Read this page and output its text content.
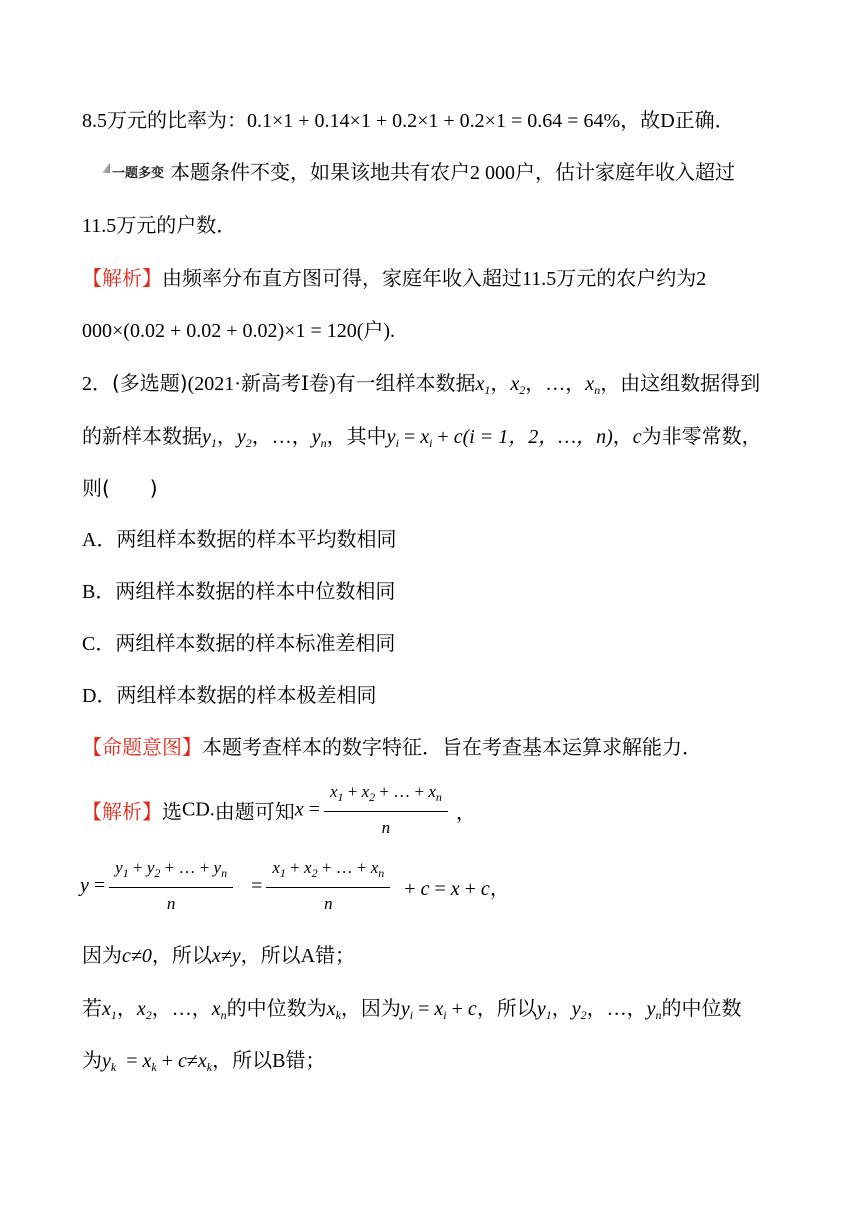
8.5万元的比率为：0.1×1 + 0.14×1 + 0.2×1 + 0.2×1 = 0.64 = 64%，故D正确．
一题多变 本题条件不变，如果该地共有农户2 000户，估计家庭年收入超过
11.5万元的户数．
【解析】由频率分布直方图可得，家庭年收入超过11.5万元的农户约为2
000×(0.02 + 0.02 + 0.02)×1 = 120(户).
2．(多选题)(2021·新高考Ⅰ卷)有一组样本数据$x_1$，$x_2$，…，$x_n$，由这组数据得到
的新样本数据$y_1$，$y_2$，…，$y_n$，其中$y_i = x_i + c(i = 1$，2，…，n)，c为非零常数，
则(　　)
A．两组样本数据的样本平均数相同
B．两组样本数据的样本中位数相同
C．两组样本数据的样本标准差相同
D．两组样本数据的样本极差相同
【命题意图】本题考查样本的数字特征．旨在考查基本运算求解能力．
【解析】选CD.由题可知$x = \frac{x_1 + x_2 + \dots + x_n}{n}$ ，
$y = \frac{y_1 + y_2 + \dots + y_n}{n} = \frac{x_1 + x_2 + \dots + x_n}{n} + c = x + c$，
因为c≠0，所以x≠y，所以A错；
若$x_1$，$x_2$，…，$x_n$的中位数为$x_k$，因为$y_i = x_i + c$，所以$y_1$，$y_2$，…，$y_n$的中位数
为$y_k = x_k + c\ne x_k$，所以B错；
